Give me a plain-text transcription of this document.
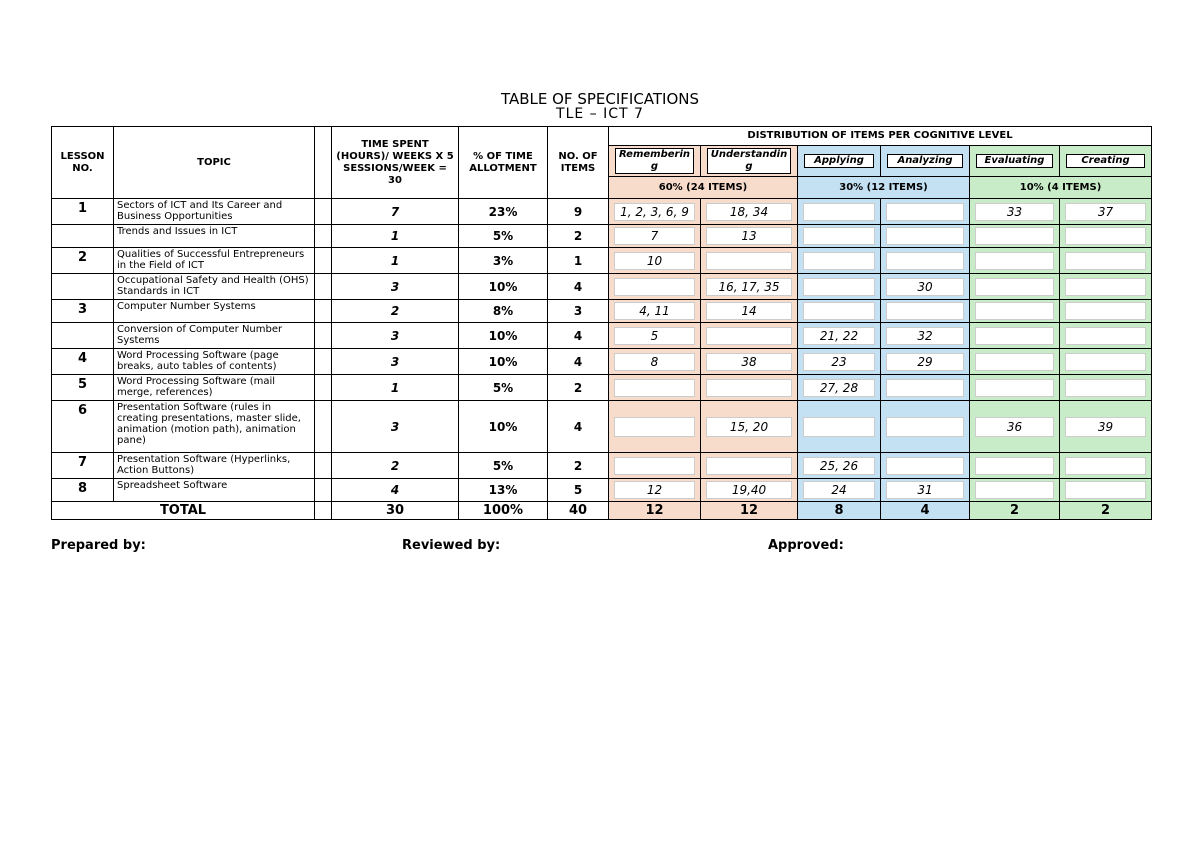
TABLE OF SPECIFICATIONS
TLE – ICT 7
LESSON NO.	TOPIC		TIME SPENT (HOURS)/ WEEKS X 5 SESSIONS/WEEK = 30	% OF TIME ALLOTMENT	NO. OF ITEMS	DISTRIBUTION OF ITEMS PER COGNITIVE LEVEL					

						Rememberin g	Understandin g	Applying	Analyzing	Evaluating	Creating

						60% (24 ITEMS)		30% (12 ITEMS)		10% (4 ITEMS)	
1	Sectors of ICT and Its Career and Business Opportunities		7	23%	9	1, 2, 3, 6, 9	18, 34			33	37

	Trends and Issues in ICT		1	5%	2	7	13				

2	Qualities of Successful Entrepreneurs in the Field of ICT		1	3%	1	10					

	Occupational Safety and Health (OHS) Standards in ICT		3	10%	4		16, 17, 35		30		

3	Computer Number Systems		2	8%	3	4, 11	14				

	Conversion of Computer Number Systems		3	10%	4	5		21, 22	32		

4	Word Processing Software (page breaks, auto tables of contents)		3	10%	4	8	38	23	29		

5	Word Processing Software (mail merge, references)		1	5%	2			27, 28			

6	Presentation Software (rules in creating presentations, master slide, animation (motion path), animation pane)		3	10%	4		15, 20			36	39

7	Presentation Software (Hyperlinks, Action Buttons)		2	5%	2			25, 26			

8	Spreadsheet Software		4	13%	5	12	19,40	24	31		

TOTAL			30	100%	40	12	12	8	4	2	2
Prepared by:	Reviewed by:	Approved:
